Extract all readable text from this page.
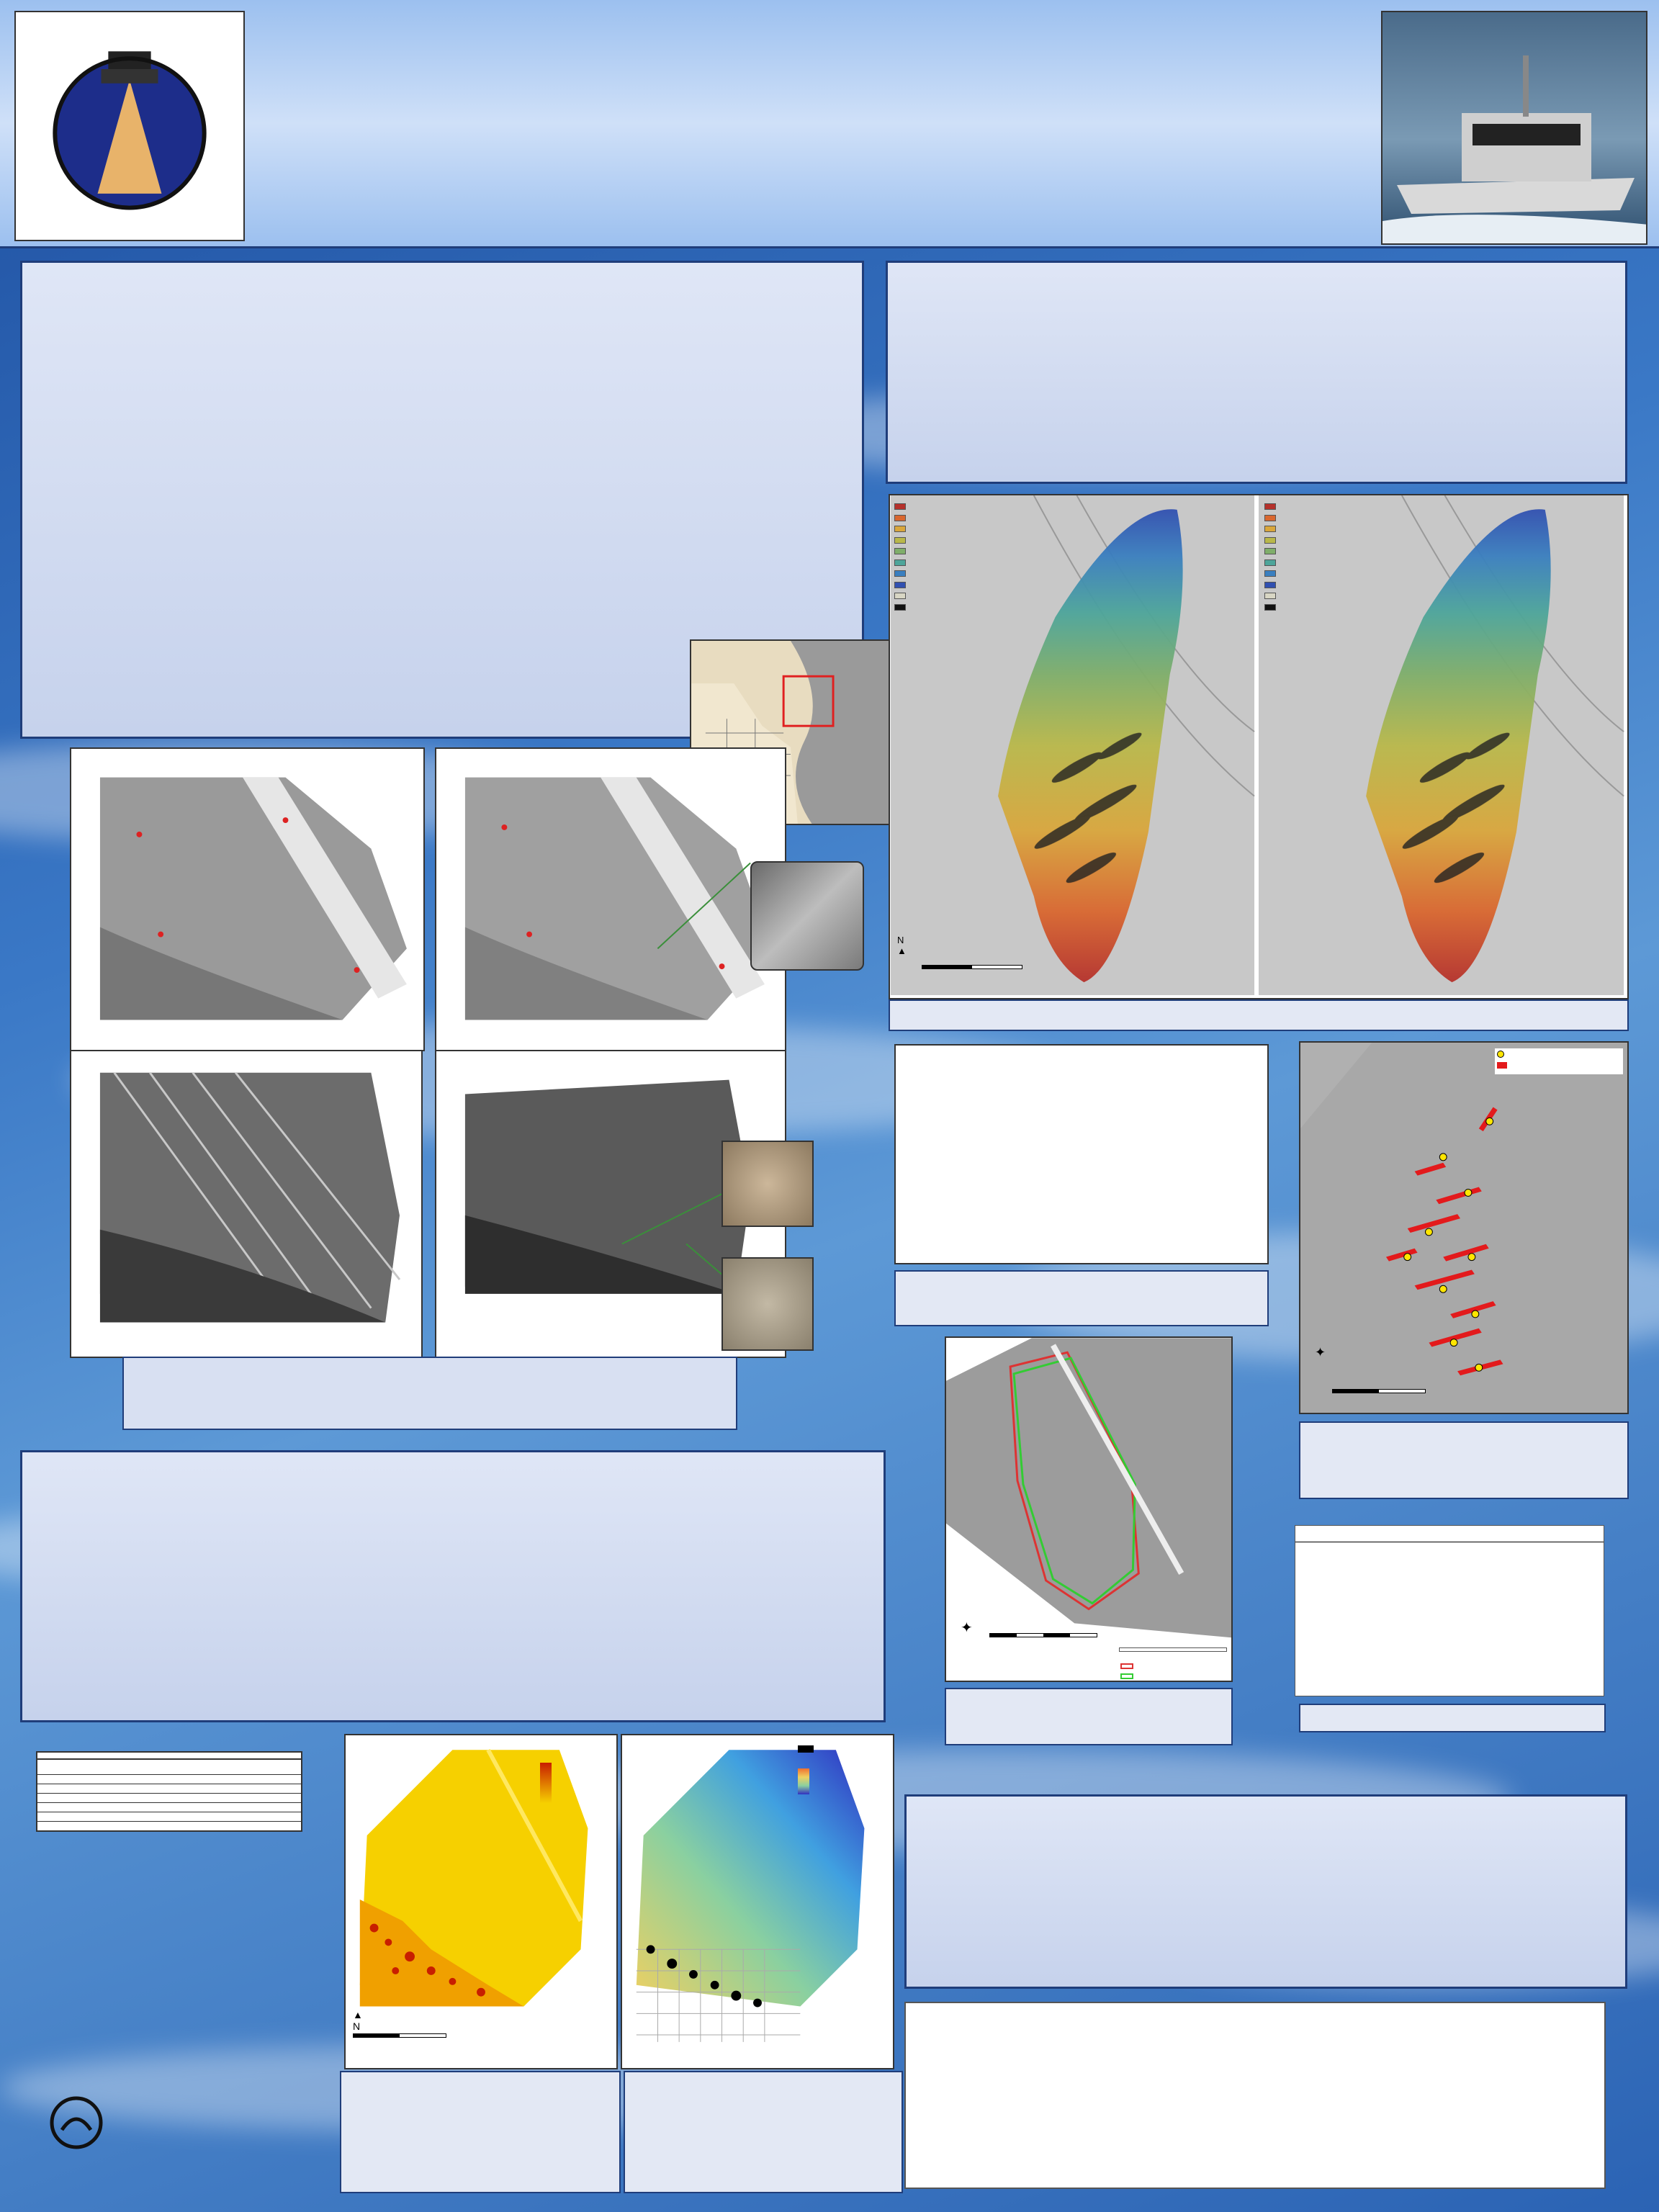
▲
N

N
▲
✦
✦
